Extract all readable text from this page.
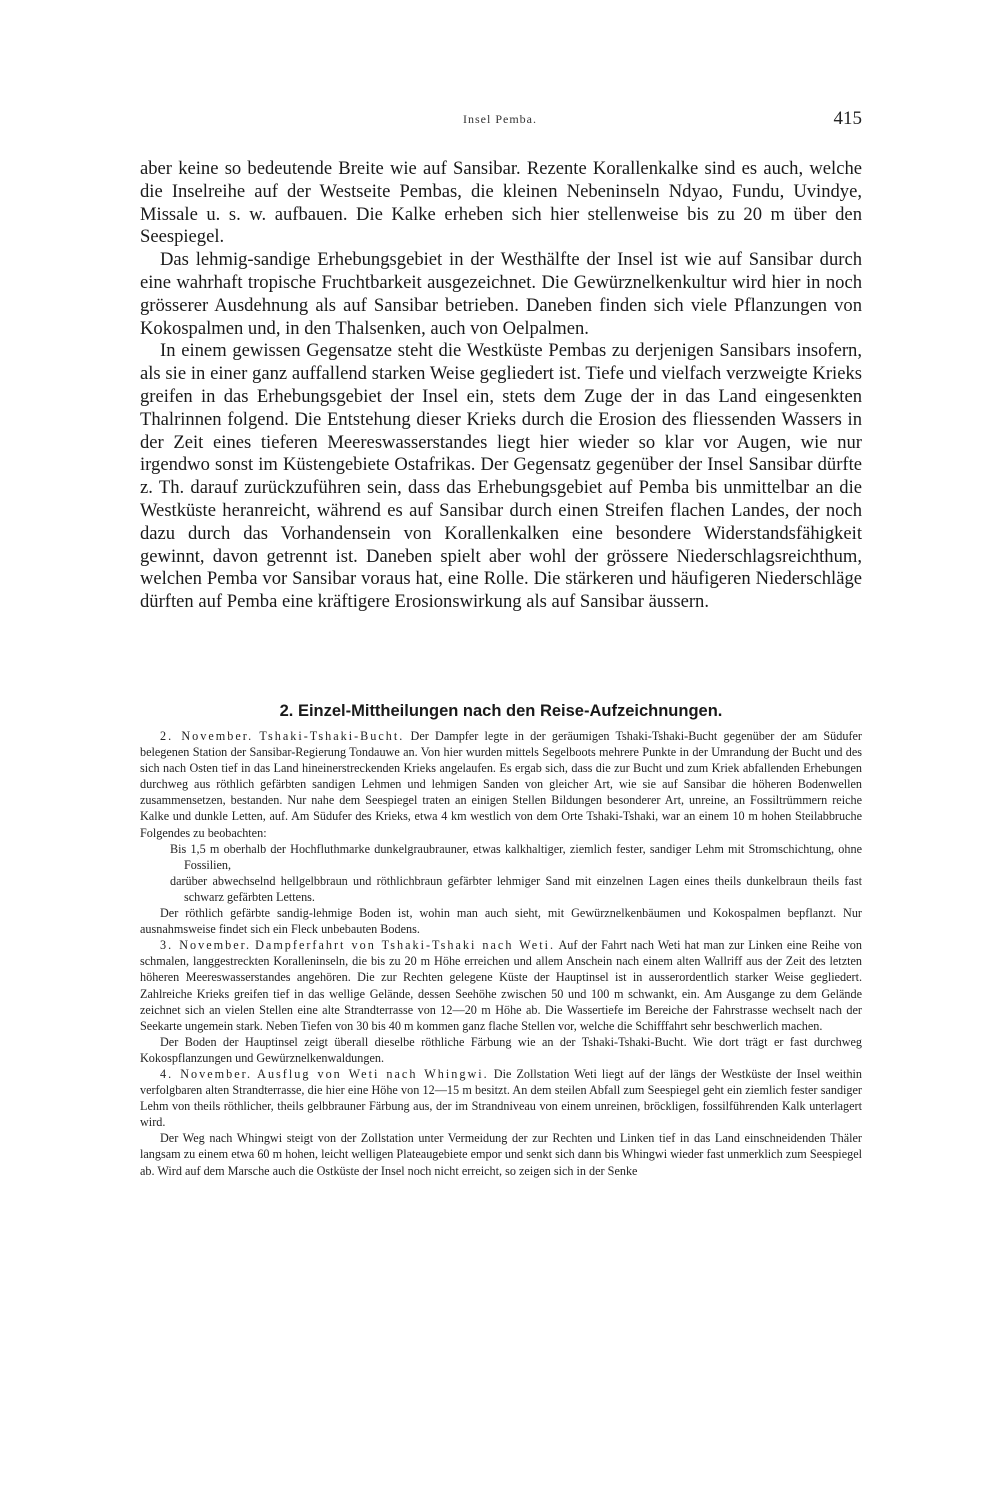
Insel Pemba.	415

aber keine so bedeutende Breite wie auf Sansibar. Rezente Korallenkalke sind es auch, welche die Inselreihe auf der Westseite Pembas, die kleinen Nebeninseln Ndyao, Fundu, Uvindye, Missale u. s. w. aufbauen. Die Kalke erheben sich hier stellenweise bis zu 20 m über den Seespiegel.

Das lehmig-sandige Erhebungsgebiet in der Westhälfte der Insel ist wie auf Sansibar durch eine wahrhaft tropische Fruchtbarkeit ausgezeichnet. Die Gewürznelkenkultur wird hier in noch grösserer Ausdehnung als auf Sansibar betrieben. Daneben finden sich viele Pflanzungen von Kokospalmen und, in den Thalsenken, auch von Oelpalmen.

In einem gewissen Gegensatze steht die Westküste Pembas zu derjenigen Sansibars insofern, als sie in einer ganz auffallend starken Weise gegliedert ist. Tiefe und vielfach verzweigte Krieks greifen in das Erhebungsgebiet der Insel ein, stets dem Zuge der in das Land eingesenkten Thalrinnen folgend. Die Entstehung dieser Krieks durch die Erosion des fliessenden Wassers in der Zeit eines tieferen Meereswasserstandes liegt hier wieder so klar vor Augen, wie nur irgendwo sonst im Küstengebiete Ostafrikas. Der Gegensatz gegenüber der Insel Sansibar dürfte z. Th. darauf zurückzuführen sein, dass das Erhebungsgebiet auf Pemba bis unmittelbar an die Westküste heranreicht, während es auf Sansibar durch einen Streifen flachen Landes, der noch dazu durch das Vorhandensein von Korallenkalken eine besondere Widerstandsfähigkeit gewinnt, davon getrennt ist. Daneben spielt aber wohl der grössere Niederschlagsreichthum, welchen Pemba vor Sansibar voraus hat, eine Rolle. Die stärkeren und häufigeren Niederschläge dürften auf Pemba eine kräftigere Erosionswirkung als auf Sansibar äussern.

2. Einzel-Mittheilungen nach den Reise-Aufzeichnungen.

2. November. Tshaki-Tshaki-Bucht. Der Dampfer legte in der geräumigen Tshaki-Tshaki-Bucht gegenüber der am Südufer belegenen Station der Sansibar-Regierung Tondauwe an. Von hier wurden mittels Segelboots mehrere Punkte in der Umrandung der Bucht und des sich nach Osten tief in das Land hineinerstreckenden Krieks angelaufen. Es ergab sich, dass die zur Bucht und zum Kriek abfallenden Erhebungen durchweg aus röthlich gefärbten sandigen Lehmen und lehmigen Sanden von gleicher Art, wie sie auf Sansibar die höheren Bodenwellen zusammensetzen, bestanden. Nur nahe dem Seespiegel traten an einigen Stellen Bildungen besonderer Art, unreine, an Fossiltrümmern reiche Kalke und dunkle Letten, auf. Am Südufer des Krieks, etwa 4 km westlich von dem Orte Tshaki-Tshaki, war an einem 10 m hohen Steilabbruche Folgendes zu beobachten:

Bis 1,5 m oberhalb der Hochfluthmarke dunkelgraubrauner, etwas kalkhaltiger, ziemlich fester, sandiger Lehm mit Stromschichtung, ohne Fossilien,

darüber abwechselnd hellgelbbraun und röthlichbraun gefärbter lehmiger Sand mit einzelnen Lagen eines theils dunkelbraun theils fast schwarz gefärbten Lettens.

Der röthlich gefärbte sandig-lehmige Boden ist, wohin man auch sieht, mit Gewürznelkenbäumen und Kokospalmen bepflanzt. Nur ausnahmsweise findet sich ein Fleck unbebauten Bodens.

3. November. Dampferfahrt von Tshaki-Tshaki nach Weti. Auf der Fahrt nach Weti hat man zur Linken eine Reihe von schmalen, langgestreckten Koralleninseln, die bis zu 20 m Höhe erreichen und allem Anschein nach einem alten Wallriff aus der Zeit des letzten höheren Meereswasserstandes angehören. Die zur Rechten gelegene Küste der Hauptinsel ist in ausserordentlich starker Weise gegliedert. Zahlreiche Krieks greifen tief in das wellige Gelände, dessen Seehöhe zwischen 50 und 100 m schwankt, ein. Am Ausgange zu dem Gelände zeichnet sich an vielen Stellen eine alte Strandterrasse von 12—20 m Höhe ab. Die Wassertiefe im Bereiche der Fahrstrasse wechselt nach der Seekarte ungemein stark. Neben Tiefen von 30 bis 40 m kommen ganz flache Stellen vor, welche die Schifffahrt sehr beschwerlich machen.

Der Boden der Hauptinsel zeigt überall dieselbe röthliche Färbung wie an der Tshaki-Tshaki-Bucht. Wie dort trägt er fast durchweg Kokospflanzungen und Gewürznelkenwaldungen.

4. November. Ausflug von Weti nach Whingwi. Die Zollstation Weti liegt auf der längs der Westküste der Insel weithin verfolgbaren alten Strandterrasse, die hier eine Höhe von 12—15 m besitzt. An dem steilen Abfall zum Seespiegel geht ein ziemlich fester sandiger Lehm von theils röthlicher, theils gelbbrauner Färbung aus, der im Strandniveau von einem unreinen, bröckligen, fossilführenden Kalk unterlagert wird.

Der Weg nach Whingwi steigt von der Zollstation unter Vermeidung der zur Rechten und Linken tief in das Land einschneidenden Thäler langsam zu einem etwa 60 m hohen, leicht welligen Plateaugebiete empor und senkt sich dann bis Whingwi wieder fast unmerklich zum Seespiegel ab. Wird auf dem Marsche auch die Ostküste der Insel noch nicht erreicht, so zeigen sich in der Senke
